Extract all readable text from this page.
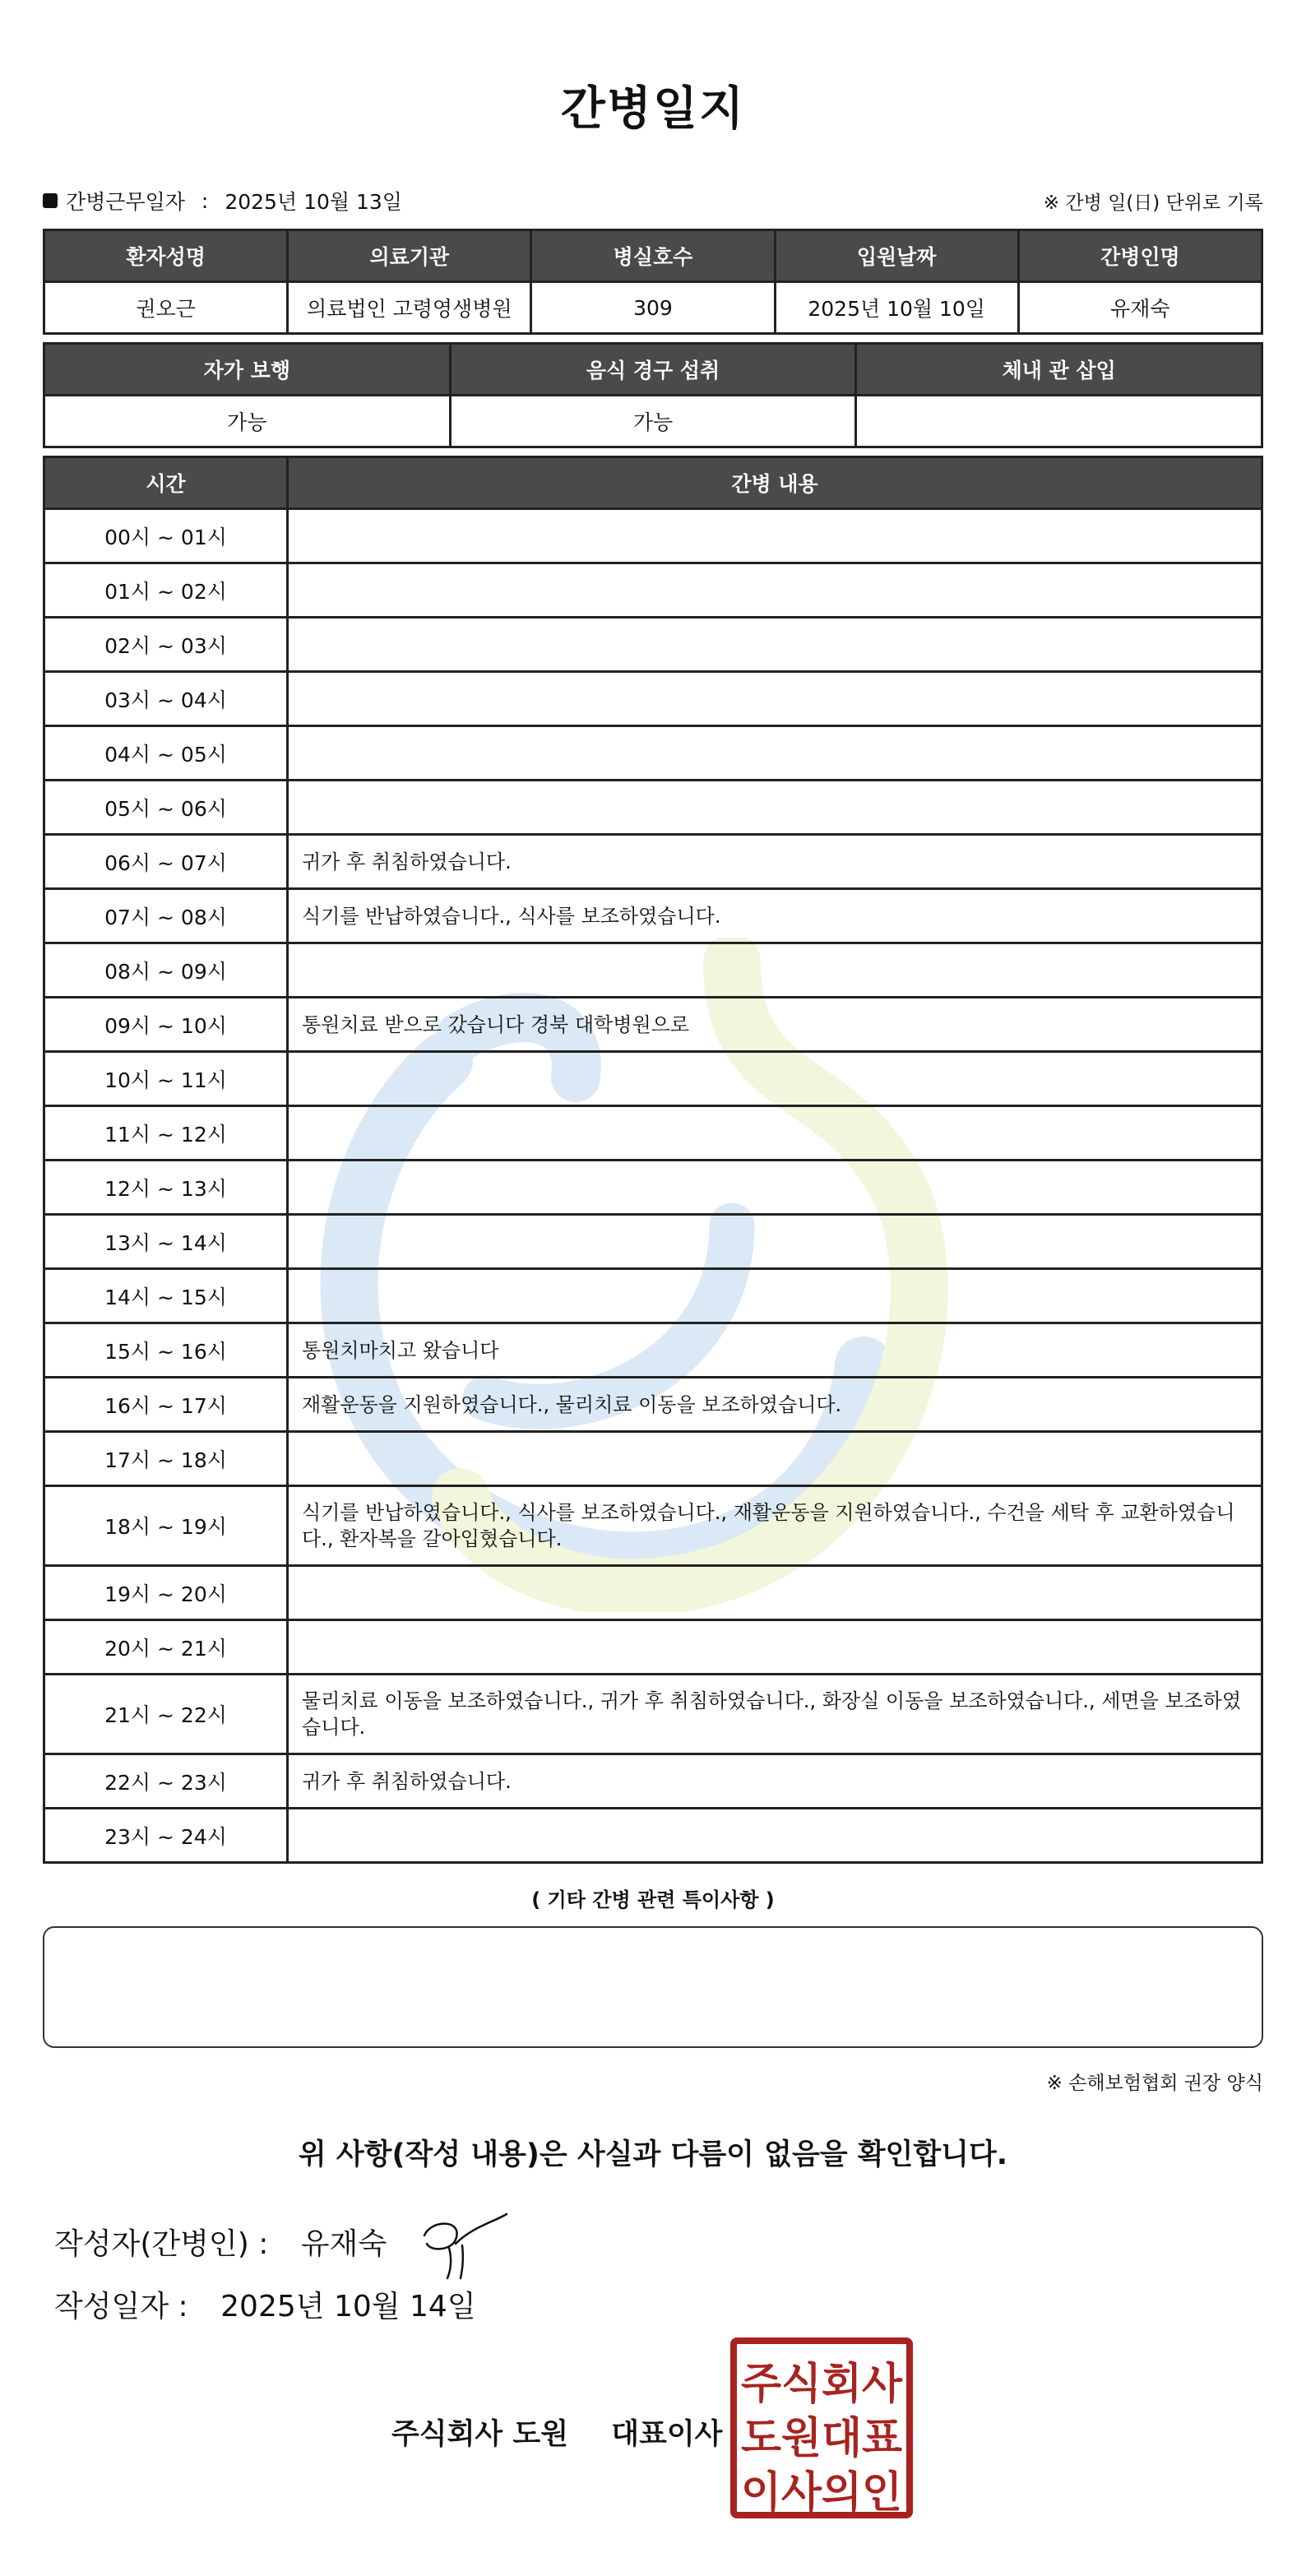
간병일지
간병근무일자 : 2025년 10월 13일	※ 간병 일(日) 단위로 기록
환자성명	의료기관	병실호수	입원날짜	간병인명
권오근	의료법인 고령영생병원	309	2025년 10월 10일	유재숙
자가 보행	음식 경구 섭취	체내 관 삽입
가능	가능	
시간	간병 내용
00시 ~ 01시	
01시 ~ 02시	
02시 ~ 03시	
03시 ~ 04시	
04시 ~ 05시	
05시 ~ 06시	
06시 ~ 07시	귀가 후 취침하였습니다.
07시 ~ 08시	식기를 반납하였습니다., 식사를 보조하였습니다.
08시 ~ 09시	
09시 ~ 10시	통원치료 받으로 갔습니다 경북 대학병원으로
10시 ~ 11시	
11시 ~ 12시	
12시 ~ 13시	
13시 ~ 14시	
14시 ~ 15시	
15시 ~ 16시	통원치마치고 왔습니다
16시 ~ 17시	재활운동을 지원하였습니다., 물리치료 이동을 보조하였습니다.
17시 ~ 18시	
18시 ~ 19시	식기를 반납하였습니다., 식사를 보조하였습니다., 재활운동을 지원하였습니다., 수건을 세탁 후 교환하였습니다., 환자복을 갈아입혔습니다.
19시 ~ 20시	
20시 ~ 21시	
21시 ~ 22시	물리치료 이동을 보조하였습니다., 귀가 후 취침하였습니다., 화장실 이동을 보조하였습니다., 세면을 보조하였습니다.
22시 ~ 23시	귀가 후 취침하였습니다.
23시 ~ 24시	
( 기타 간병 관련 특이사항 )
※ 손해보험협회 권장 양식
위 사항(작성 내용)은 사실과 다름이 없음을 확인합니다.
작성자(간병인) : 유재숙
작성일자 : 2025년 10월 14일
주식회사 도원 대표이사
주식회사
도원대표
이사의인
